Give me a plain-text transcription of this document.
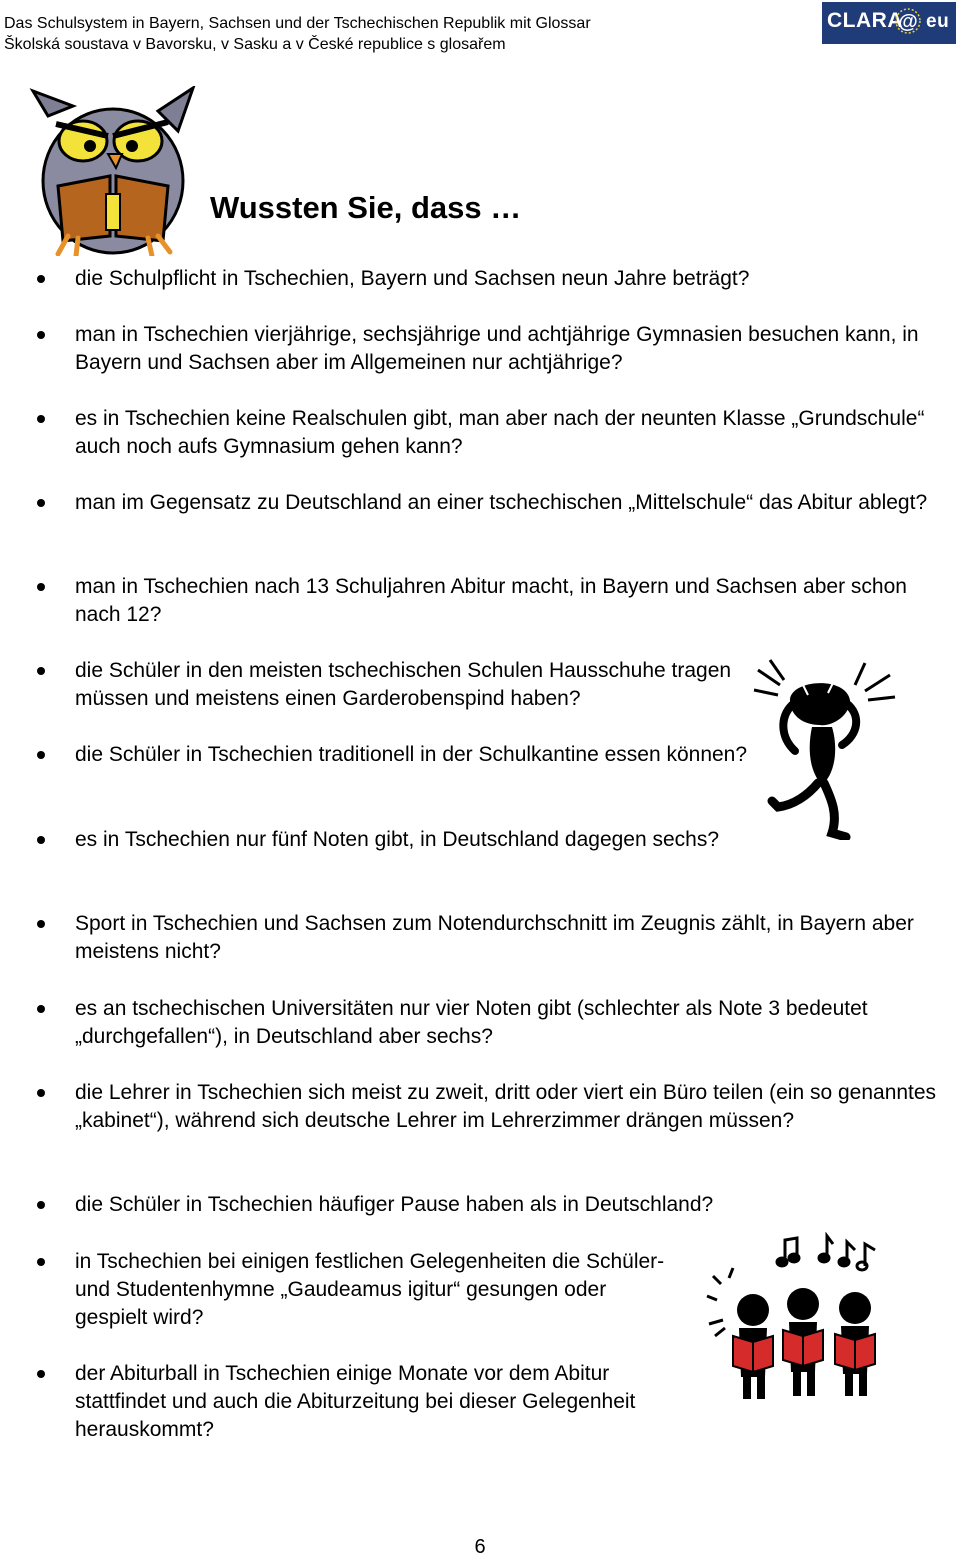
Das Schulsystem in Bayern, Sachsen und der Tschechischen Republik mit Glossar
Školská soustava v Bavorsku, v Sasku a v České republice s glosařem
CLARA
@ eu
Wussten Sie, dass …
die Schulpflicht in Tschechien, Bayern und Sachsen neun Jahre beträgt?
man in Tschechien vierjährige, sechsjährige und achtjährige Gymnasien besuchen kann, in Bayern und Sachsen aber im Allgemeinen nur achtjährige?
es in Tschechien keine Realschulen gibt, man aber nach der neunten Klasse „Grundschule“ auch noch aufs Gymnasium gehen kann?
man im Gegensatz zu Deutschland an einer tschechischen „Mittelschule“ das Abitur ablegt?
man in Tschechien nach 13 Schuljahren Abitur macht, in Bayern und Sachsen aber schon nach 12?
die Schüler in den meisten tschechischen Schulen Hausschuhe tragen müssen und meistens einen Garderobenspind haben?
die Schüler in Tschechien traditionell in der Schulkantine essen können?
es in Tschechien nur fünf Noten gibt, in Deutschland dagegen sechs?
Sport in Tschechien und Sachsen zum Notendurchschnitt im Zeugnis zählt, in Bayern aber meistens nicht?
es an tschechischen Universitäten nur vier Noten gibt (schlechter als Note 3 bedeutet „durchgefallen“), in Deutschland aber sechs?
die Lehrer in Tschechien sich meist zu zweit, dritt oder viert ein Büro teilen (ein so genanntes „kabinet“), während sich deutsche Lehrer im Lehrerzimmer drängen müssen?
die Schüler in Tschechien häufiger Pause haben als in Deutschland?
in Tschechien bei einigen festlichen Gelegenheiten die Schüler- und Studentenhymne „Gaudeamus igitur“ gesungen oder gespielt wird?
der Abiturball in Tschechien einige Monate vor dem Abitur stattfindet und auch die Abiturzeitung bei dieser Gelegenheit herauskommt?
6
